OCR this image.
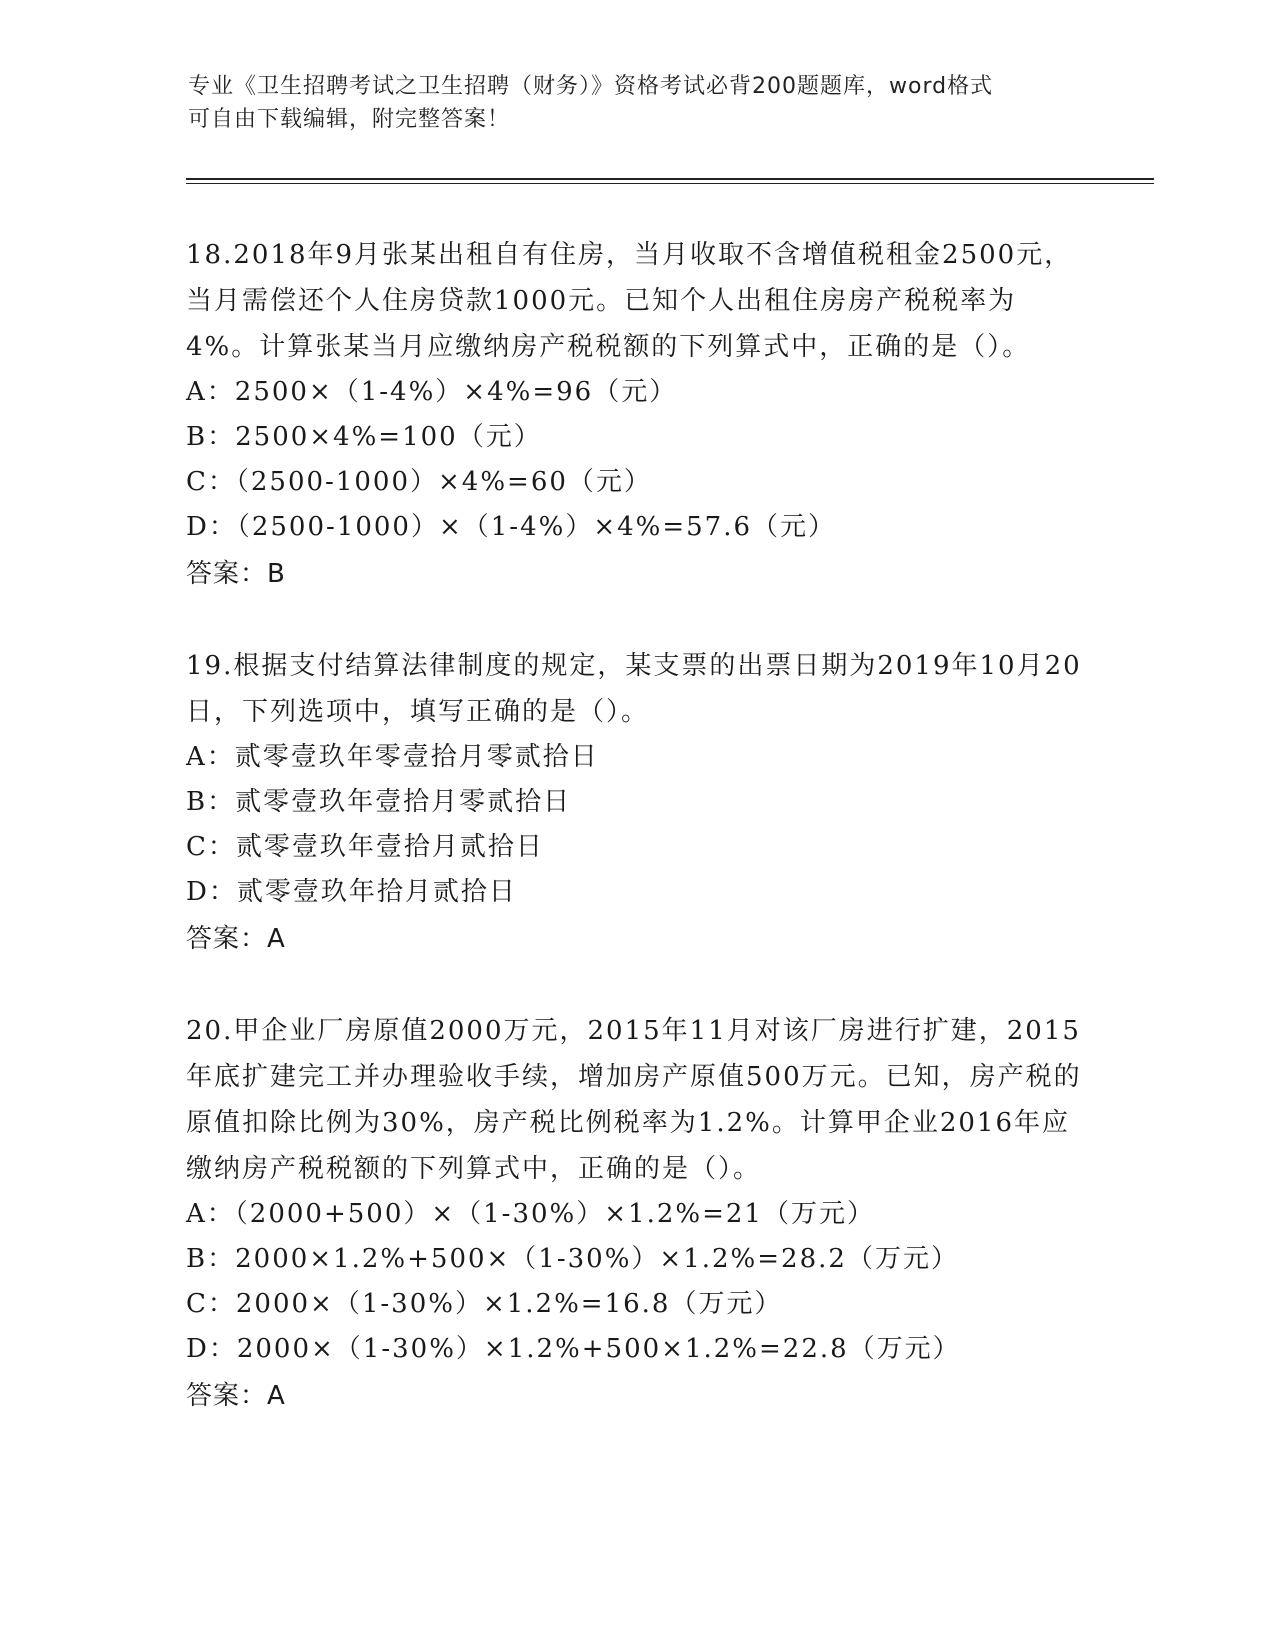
专业《卫生招聘考试之卫生招聘（财务）》资格考试必背200题题库，word格式
可自由下载编辑，附完整答案！

18.2018年9月张某出租自有住房，当月收取不含增值税租金2500元，当月需偿还个人住房贷款1000元。已知个人出租住房房产税税率为4%。计算张某当月应缴纳房产税税额的下列算式中，正确的是（）。

A：2500×（1-4%）×4%=96（元）

B：2500×4%=100（元）

C：（2500-1000）×4%=60（元）

D：（2500-1000）×（1-4%）×4%=57.6（元）

答案：B

19.根据支付结算法律制度的规定，某支票的出票日期为2019年10月20日，下列选项中，填写正确的是（）。

A：贰零壹玖年零壹拾月零贰拾日

B：贰零壹玖年壹拾月零贰拾日

C：贰零壹玖年壹拾月贰拾日

D：贰零壹玖年拾月贰拾日

答案：A

20.甲企业厂房原值2000万元，2015年11月对该厂房进行扩建，2015年底扩建完工并办理验收手续，增加房产原值500万元。已知，房产税的原值扣除比例为30%，房产税比例税率为1.2%。计算甲企业2016年应缴纳房产税税额的下列算式中，正确的是（）。

A：（2000+500）×（1-30%）×1.2%=21（万元）

B：2000×1.2%+500×（1-30%）×1.2%=28.2（万元）

C：2000×（1-30%）×1.2%=16.8（万元）

D：2000×（1-30%）×1.2%+500×1.2%=22.8（万元）

答案：A
